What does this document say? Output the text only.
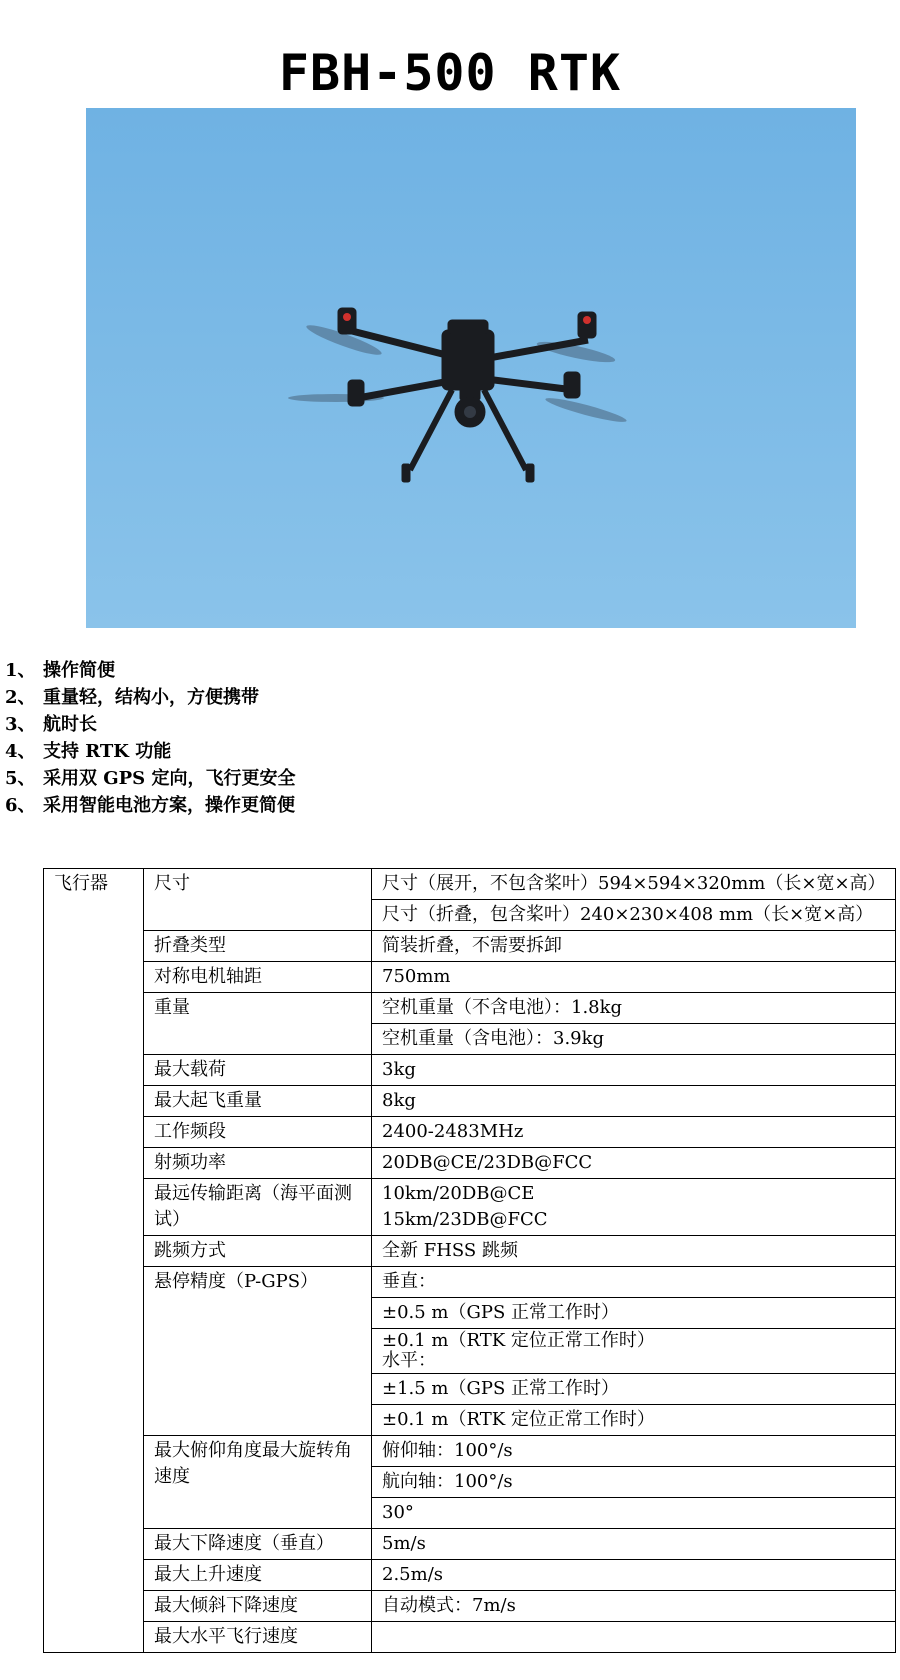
FBH-500 RTK
1、 操作简便
2、 重量轻，结构小，方便携带
3、 航时长
4、 支持 RTK 功能
5、 采用双 GPS 定向，飞行更安全
6、 采用智能电池方案，操作更简便
飞行器	尺寸	尺寸（展开，不包含桨叶）594×594×320mm（长×宽×高）
		尺寸（折叠，包含桨叶）240×230×408 mm（长×宽×高）
	折叠类型	简装折叠，不需要拆卸
	对称电机轴距	750mm
	重量	空机重量（不含电池）：1.8kg
		空机重量（含电池）：3.9kg
	最大载荷	3kg
	最大起飞重量	8kg
	工作频段	2400-2483MHz
	射频功率	20DB@CE/23DB@FCC
	最远传输距离（海平面测试）	10km/20DB@CE
15km/23DB@FCC

	跳频方式	全新 FHSS 跳频
	悬停精度（P-GPS）	垂直：
		±0.5 m（GPS 正常工作时）

		±0.1 m（RTK 定位正常工作时）
水平：

		±1.5 m（GPS 正常工作时）
		±0.1 m（RTK 定位正常工作时）
	最大俯仰角度最大旋转角速度	俯仰轴：100°/s
		航向轴：100°/s
		30°
	最大下降速度（垂直）	5m/s
	最大上升速度	2.5m/s
	最大倾斜下降速度	自动模式：7m/s
	最大水平飞行速度	
